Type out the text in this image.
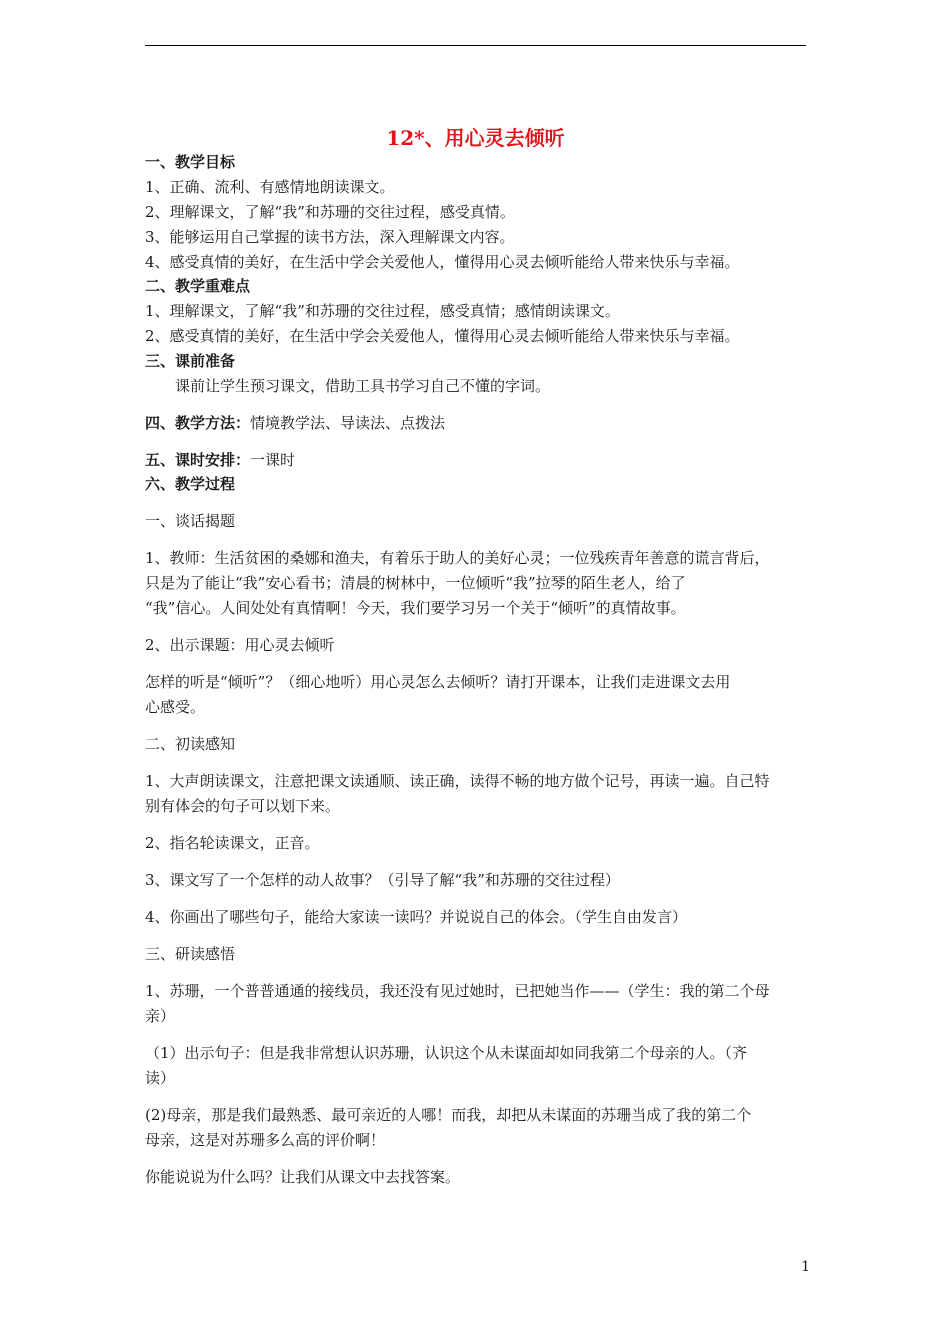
12*、用心灵去倾听
一、教学目标
1、正确、流利、有感情地朗读课文。
2、理解课文，了解“我”和苏珊的交往过程，感受真情。
3、能够运用自己掌握的读书方法，深入理解课文内容。
4、感受真情的美好，在生活中学会关爱他人，懂得用心灵去倾听能给人带来快乐与幸福。
二、教学重难点
1、理解课文，了解“我”和苏珊的交往过程，感受真情；感情朗读课文。
2、感受真情的美好，在生活中学会关爱他人，懂得用心灵去倾听能给人带来快乐与幸福。
三、课前准备
课前让学生预习课文，借助工具书学习自己不懂的字词。
四、教学方法：情境教学法、导读法、点拨法
五、课时安排：一课时
六、教学过程
一、谈话揭题
1、教师：生活贫困的桑娜和渔夫，有着乐于助人的美好心灵；一位残疾青年善意的谎言背后，
只是为了能让“我”安心看书；清晨的树林中，一位倾听“我”拉琴的陌生老人，给了
“我”信心。人间处处有真情啊！今天，我们要学习另一个关于“倾听”的真情故事。
2、出示课题：用心灵去倾听
怎样的听是“倾听”？（细心地听）用心灵怎么去倾听？请打开课本，让我们走进课文去用
心感受。
二、初读感知
1、大声朗读课文，注意把课文读通顺、读正确，读得不畅的地方做个记号，再读一遍。自己特
别有体会的句子可以划下来。
2、指名轮读课文，正音。
3、课文写了一个怎样的动人故事？（引导了解“我”和苏珊的交往过程）
4、你画出了哪些句子，能给大家读一读吗？并说说自己的体会。（学生自由发言）
三、研读感悟
1、苏珊，一个普普通通的接线员，我还没有见过她时，已把她当作——（学生：我的第二个母
亲）
（1）出示句子：但是我非常想认识苏珊，认识这个从未谋面却如同我第二个母亲的人。（齐
读）
(2)母亲，那是我们最熟悉、最可亲近的人哪！而我，却把从未谋面的苏珊当成了我的第二个
母亲，这是对苏珊多么高的评价啊！
你能说说为什么吗？让我们从课文中去找答案。
1
